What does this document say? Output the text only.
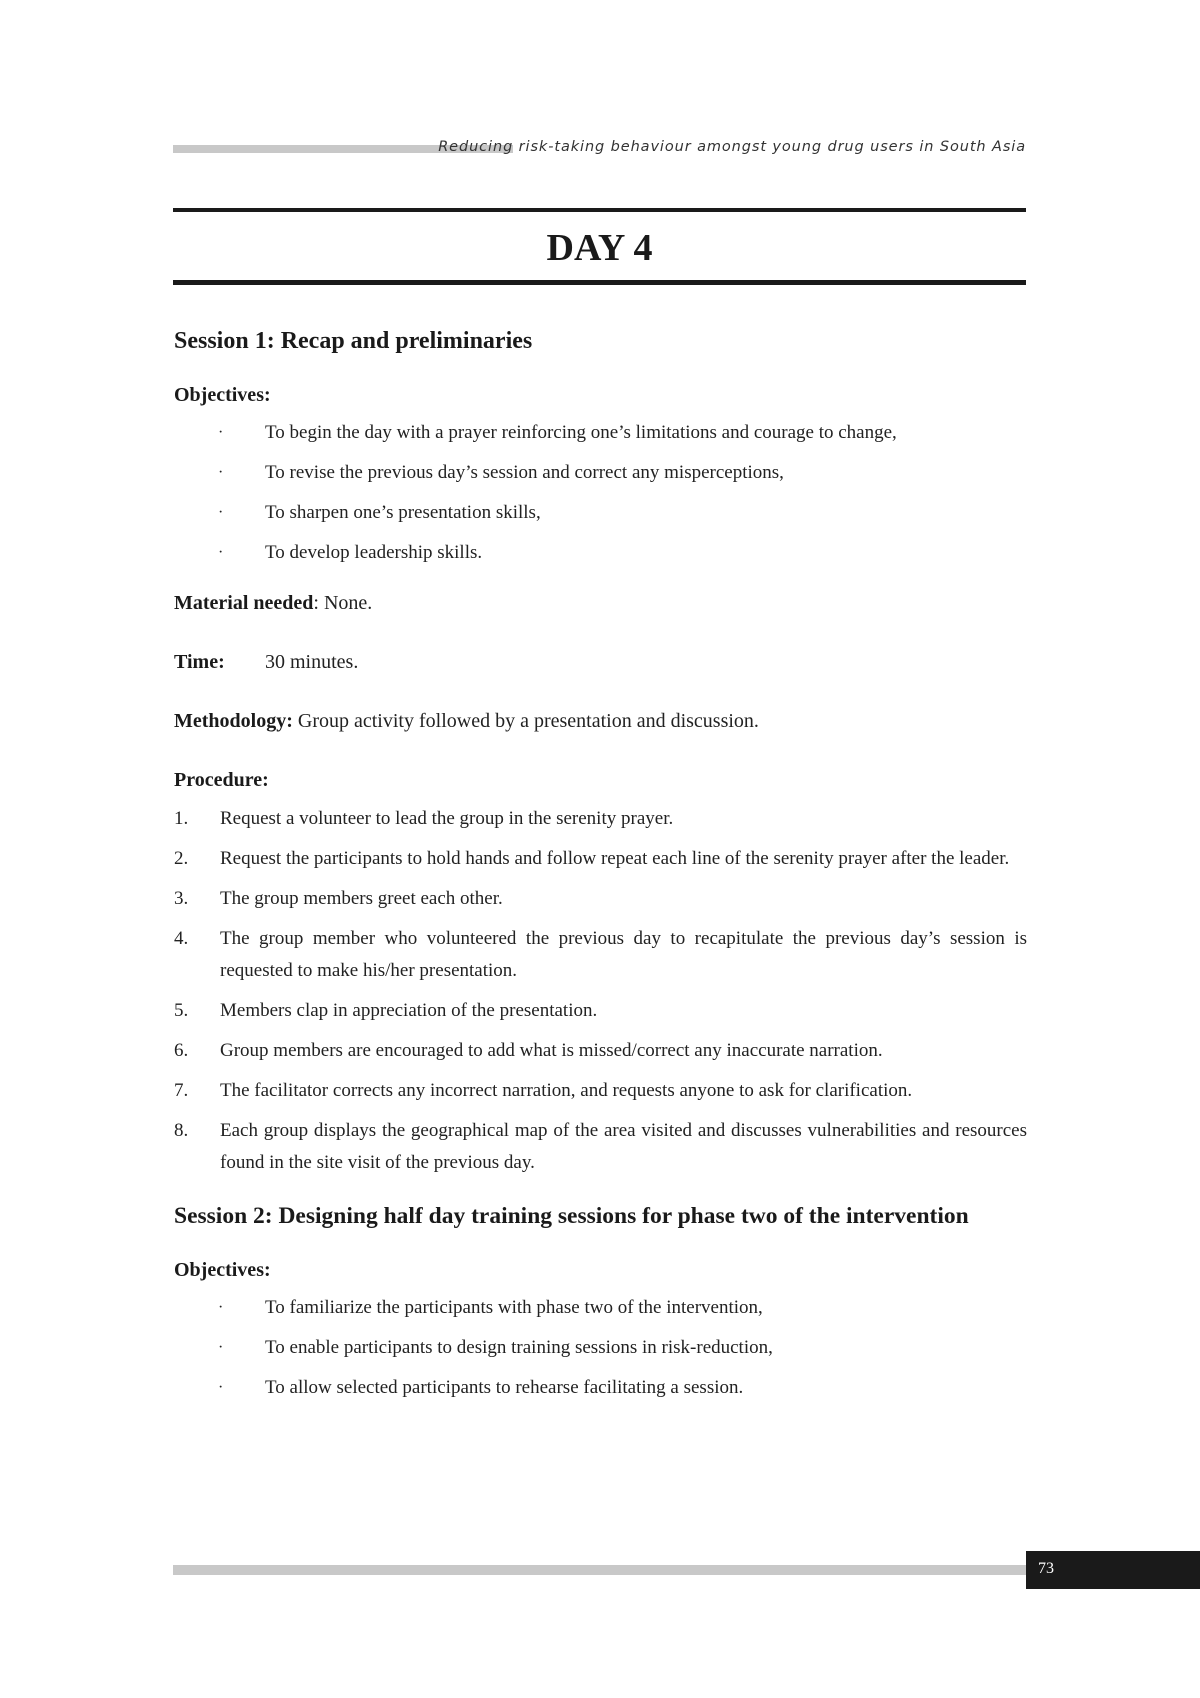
Reducing risk-taking behaviour amongst young drug users in South Asia
DAY 4
Session 1: Recap and preliminaries

Objectives:

· To begin the day with a prayer reinforcing one’s limitations and courage to change,
· To revise the previous day’s session and correct any misperceptions,
· To sharpen one’s presentation skills,
· To develop leadership skills.

Material needed: None.

Time: 30 minutes.

Methodology: Group activity followed by a presentation and discussion.

Procedure:

1. Request a volunteer to lead the group in the serenity prayer.
2. Request the participants to hold hands and follow repeat each line of the serenity prayer after the leader.
3. The group members greet each other.
4. The group member who volunteered the previous day to recapitulate the previous day’s session is requested to make his/her presentation.
5. Members clap in appreciation of the presentation.
6. Group members are encouraged to add what is missed/correct any inaccurate narration.
7. The facilitator corrects any incorrect narration, and requests anyone to ask for clarification.
8. Each group displays the geographical map of the area visited and discusses vulnerabilities and resources found in the site visit of the previous day.
Session 2: Designing half day training sessions for phase two of the intervention

Objectives:

· To familiarize the participants with phase two of the intervention,
· To enable participants to design training sessions in risk-reduction,
· To allow selected participants to rehearse facilitating a session.
73
